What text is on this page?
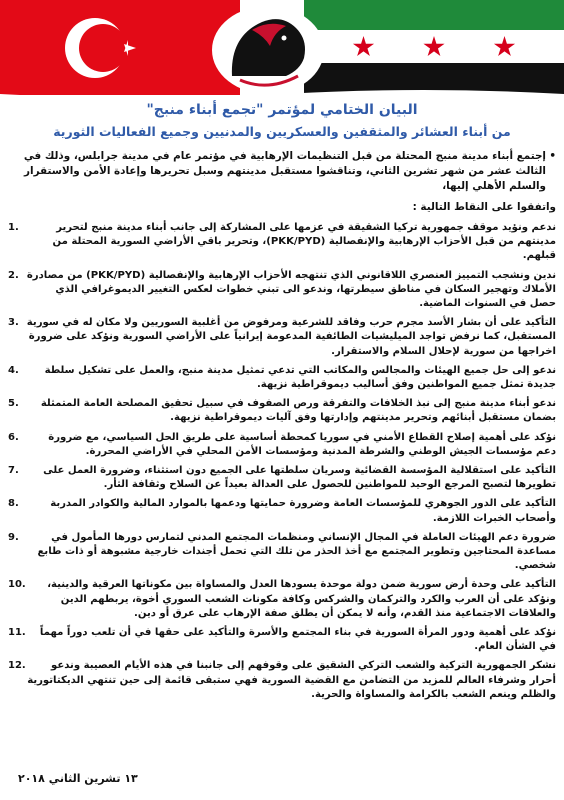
البيان الختامي لمؤتمر "تجمع أبناء منبج"
من أبناء العشائر والمثقفين والعسكريين والمدنيين وجميع الفعاليات الثورية
•
إجتمع أبناء مدينة منبج المحتلة من قبل التنظيمات الإرهابية في مؤتمر عام في مدينة جرابلس، وذلك في الثالث عشر من شهر تشرين الثاني، وتناقشوا مستقبل مدينتهم وسبل تحريرها وإعادة الأمن والاستقرار والسلم الأهلي إليها،
واتفقوا على النقاط التالية :
1.	ندعم ونؤيد موقف جمهورية تركيا الشقيقة في عزمها على المشاركة إلى جانب أبناء مدينة منبج لتحرير مدينتهم من قبل الأحزاب الإرهابية والإنفصالية (PKK/PYD)، وتحرير باقي الأراضي السورية المحتلة من قبلهم.
2. ندين ونشجب التمييز العنصري اللاقانوني الذي تنتهجه الأحزاب الإرهابية والإنفصالية (PKK/PYD) من مصادرة الأملاك وتهجير السكان في مناطق سيطرتها، وندعو الى تبني خطوات لعكس التغيير الديموغرافي الذي حصل في السنوات الماضية.
3. التأكيد على أن بشار الأسد مجرم حرب وفاقد للشرعية ومرفوض من أغلبية السوريين ولا مكان له في سورية المستقبل، كما نرفض تواجد الميليشيات الطائفية المدعومة إيرانياً على الأراضي السورية ونؤكد على ضرورة اخراجها من سورية لإحلال السلام والاستقرار.
4.	ندعو إلى حل جميع الهيئات والمجالس والمكاتب التي تدعي تمثيل مدينة منبج، والعمل على تشكيل سلطة جديدة تمثل جميع المواطنين وفق أساليب ديموقراطية نزيهة.
5. ندعو أبناء مدينة منبج إلى نبذ الخلافات والتفرقة ورص الصفوف في سبيل تحقيق المصلحة العامة المتمثلة بضمان مستقبل أبنائهم وتحرير مدينتهم وإدارتها وفق آليات ديموقراطية نزيهة.
6.	نؤكد على أهمية إصلاح القطاع الأمني في سوريا كمحطة أساسية على طريق الحل السياسي، مع ضرورة دعم مؤسسات الجيش الوطني والشرطة المدنية ومؤسسات الأمن المحلي في الأراضي المحررة.
7. التأكيد على استقلالية المؤسسة القضائية وسريان سلطتها على الجميع دون استثناء، وضرورة العمل على تطويرها لتصبح المرجع الوحيد للمواطنين للحصول على العدالة بعيداً عن السلاح وثقافة الثأر.
8.	التأكيد على الدور الجوهري للمؤسسات العامة وضرورة حمايتها ودعمها بالموارد المالية والكوادر المدربة وأصحاب الخبرات اللازمة.
9.	ضرورة دعم الهيئات العاملة في المجال الإنساني ومنظمات المجتمع المدني لتمارس دورها المأمول في مساعدة المحتاجين وتطوير المجتمع مع أخذ الحذر من تلك التي تحمل أجندات خارجية مشبوهة أو ذات طابع شخصي.
10. التأكيد على وحدة أرض سورية ضمن دولة موحدة يسودها العدل والمساواة بين مكوناتها العرقية والدينية، ونؤكد على أن العرب والكرد والتركمان والشركس وكافة مكونات الشعب السوري أخوة، يربطهم الدين والعلاقات الاجتماعية منذ القدم، وأنه لا يمكن أن يطلق صفة الإرهاب على عرق أو دين.
11. نؤكد على أهمية ودور المرأة السورية في بناء المجتمع والأسرة والتأكيد على حقها في أن تلعب دوراً مهماً في الشأن العام.
12.	نشكر الجمهورية التركية والشعب التركي الشقيق على وقوفهم إلى جانبنا في هذه الأيام العصيبة وندعو أحرار وشرفاء العالم للمزيد من التضامن مع القضية السورية فهي ستبقى قائمة إلى حين تنتهي الديكتاتورية والظلم وينعم الشعب بالكرامة والمساواة والحرية.
١٣ تشرين الثاني ٢٠١٨
